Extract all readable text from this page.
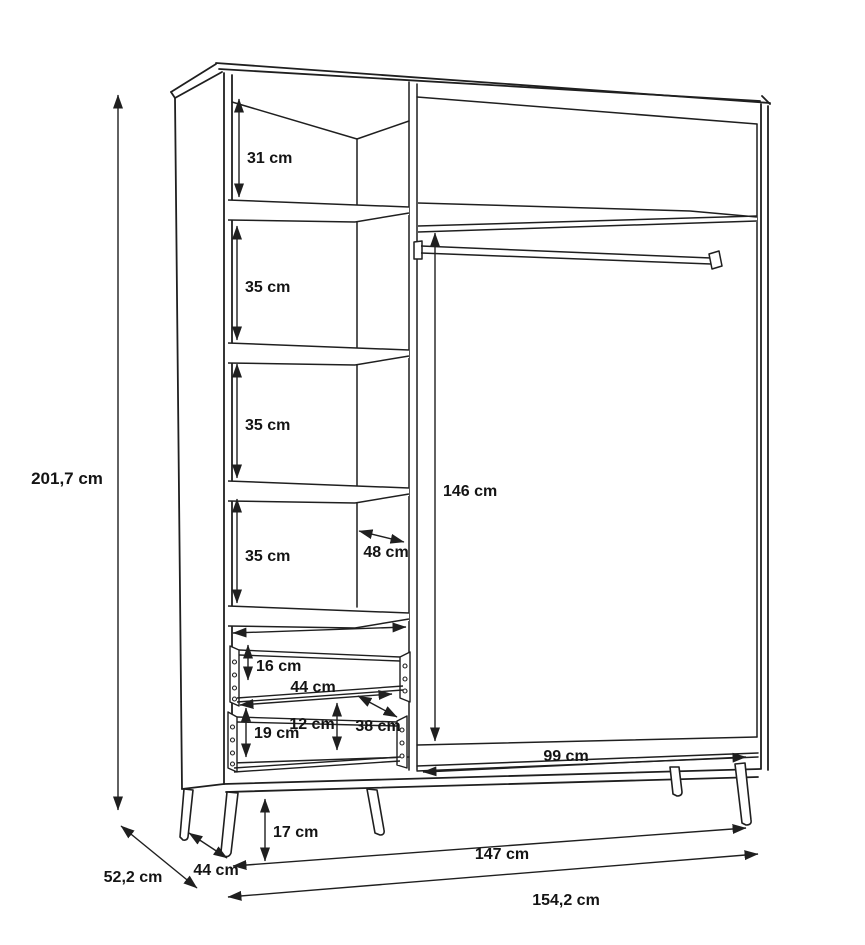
201,7 cm
31 cm
35 cm
35 cm
35 cm	48 cm
146 cm
16 cm
44 cm
19 cm
12 cm 38 cm
99 cm
17 cm
44 cm
52,2 cm
147 cm
154,2 cm
